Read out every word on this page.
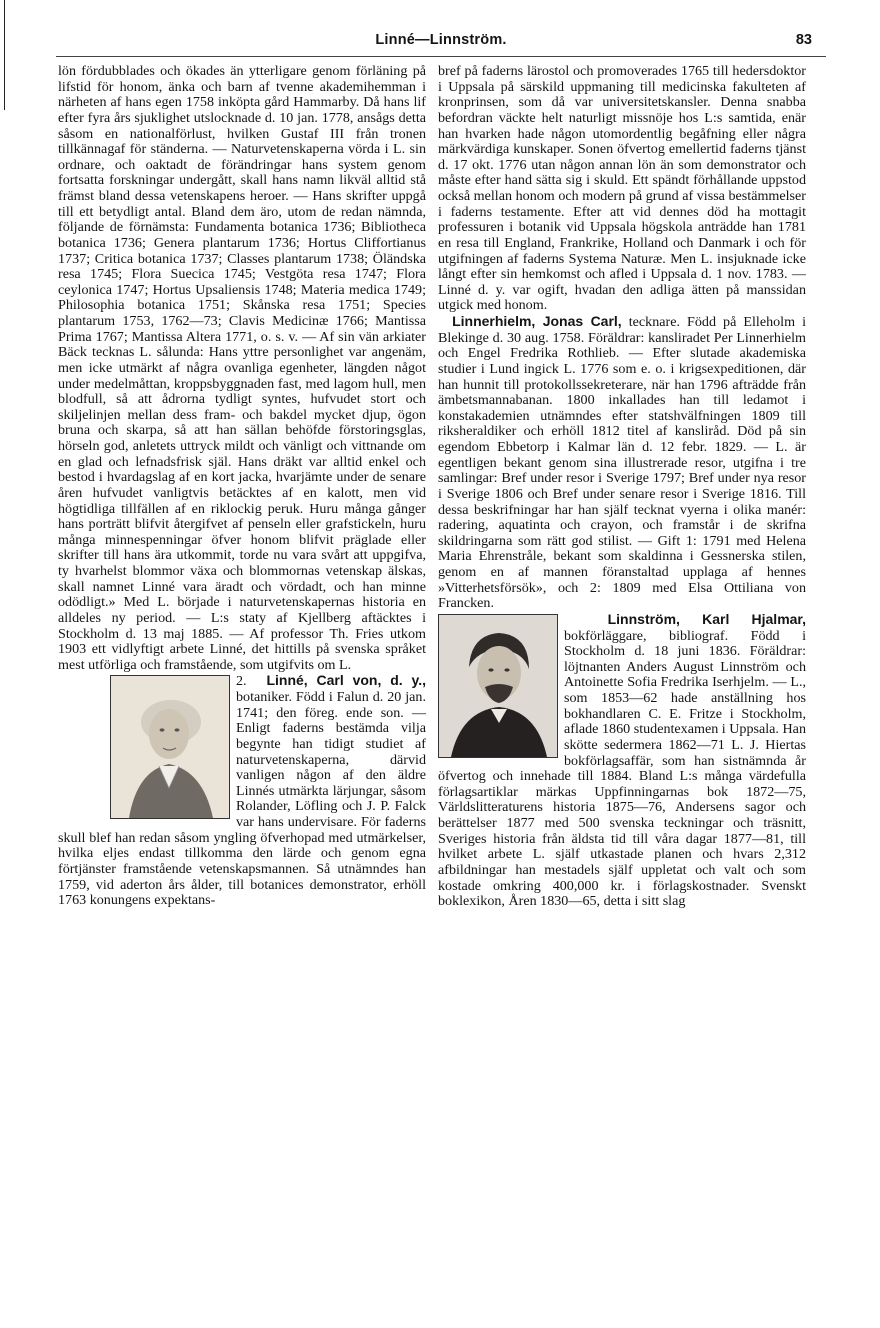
Linné—Linnström.	83

lön fördubblades och ökades än ytterligare genom förläning på lifstid för honom, änka och barn af tvenne akademihemman i närheten af hans egen 1758 inköpta gård Hammarby. Då hans lif efter fyra års sjuklighet utslocknade d. 10 jan. 1778, ansågs detta såsom en nationalförlust, hvilken Gustaf III från tronen tillkännagaf för ständerna. — Naturvetenskaperna vörda i L. sin ordnare, och oaktadt de förändringar hans system genom fortsatta forskningar undergått, skall hans namn likväl alltid stå främst bland dessa vetenskapens heroer. — Hans skrifter uppgå till ett betydligt antal. Bland dem äro, utom de redan nämnda, följande de förnämsta: Fundamenta botanica 1736; Bibliotheca botanica 1736; Genera plantarum 1736; Hortus Cliffortianus 1737; Critica botanica 1737; Classes plantarum 1738; Öländska resa 1745; Flora Suecica 1745; Vestgöta resa 1747; Flora ceylonica 1747; Hortus Upsaliensis 1748; Materia medica 1749; Philosophia botanica 1751; Skånska resa 1751; Species plantarum 1753, 1762—73; Clavis Medicinæ 1766; Mantissa Prima 1767; Mantissa Altera 1771, o. s. v. — Af sin vän arkiater Bäck tecknas L. sålunda: Hans yttre personlighet var angenäm, men icke utmärkt af några ovanliga egenheter, längden något under medelmåttan, kroppsbyggnaden fast, med lagom hull, men blodfull, så att ådrorna tydligt syntes, hufvudet stort och skiljelinjen mellan dess fram- och bakdel mycket djup, ögon bruna och skarpa, så att han sällan behöfde förstoringsglas, hörseln god, anletets uttryck mildt och vänligt och vittnande om en glad och lefnadsfrisk själ. Hans dräkt var alltid enkel och bestod i hvardagslag af en kort jacka, hvarjämte under de senare åren hufvudet vanligtvis betäcktes af en kalott, men vid högtidliga tillfällen af en riklockig peruk. Huru många gånger hans porträtt blifvit återgifvet af penseln eller grafstickeln, huru många minnespenningar öfver honom blifvit präglade eller skrifter till hans ära utkommit, torde nu vara svårt att uppgifva, ty hvarhelst blommor växa och blommornas vetenskap älskas, skall namnet Linné vara äradt och vördadt, och han minne odödligt.» Med L. började i naturvetenskapernas historia en alldeles ny period. — L:s staty af Kjellberg aftäcktes i Stockholm d. 13 maj 1885. — Af professor Th. Fries utkom 1903 ett vidlyftigt arbete Linné, det hittills på svenska språket mest utförliga och framstående, som utgifvits om L.

2. Linné, Carl von, d. y.,
botaniker. Född i Falun d. 20 jan. 1741; den föreg. ende son. — Enligt faderns bestämda vilja begynte han tidigt studiet af naturvetenskaperna, därvid vanligen någon af den äldre Linnés utmärkta lärjungar, såsom Rolander, Löfling och J. P. Falck var hans undervisare. För faderns skull blef han redan såsom yngling öfverhopad med utmärkelser, hvilka eljes endast tillkomma den lärde och genom egna förtjänster framstående vetenskapsmannen. Så utnämndes han 1759, vid aderton års ålder, till botanices demonstrator, erhöll 1763 konungens expektans-

bref på faderns lärostol och promoverades 1765 till hedersdoktor i Uppsala på särskild uppmaning till medicinska fakulteten af kronprinsen, som då var universitetskansler. Denna snabba befordran väckte helt naturligt missnöje hos L:s samtida, enär han hvarken hade någon utomordentlig begåfning eller några märkvärdiga kunskaper. Sonen öfvertog emellertid faderns tjänst d. 17 okt. 1776 utan någon annan lön än som demonstrator och måste efter hand sätta sig i skuld. Ett spändt förhållande uppstod också mellan honom och modern på grund af vissa bestämmelser i faderns testamente. Efter att vid dennes död ha mottagit professuren i botanik vid Uppsala högskola anträdde han 1781 en resa till England, Frankrike, Holland och Danmark i och för utgifningen af faderns Systema Naturæ. Men L. insjuknade icke långt efter sin hemkomst och afled i Uppsala d. 1 nov. 1783. — Linné d. y. var ogift, hvadan den adliga ätten på manssidan utgick med honom.

Linnerhielm, Jonas Carl, tecknare. Född på Elleholm i Blekinge d. 30 aug. 1758. Föräldrar: kansliradet Per Linnerhielm och Engel Fredrika Rothlieb. — Efter slutade akademiska studier i Lund ingick L. 1776 som e. o. i krigsexpeditionen, där han hunnit till protokollssekreterare, när han 1796 afträdde från ämbetsmannabanan. 1800 inkallades han till ledamot i konstakademien utnämndes efter statshvälfningen 1809 till riksheraldiker och erhöll 1812 titel af kansliråd. Död på sin egendom Ebbetorp i Kalmar län d. 12 febr. 1829. — L. är egentligen bekant genom sina illustrerade resor, utgifna i tre samlingar: Bref under resor i Sverige 1797; Bref under nya resor i Sverige 1806 och Bref under senare resor i Sverige 1816. Till dessa beskrifningar har han själf tecknat vyerna i olika manér: radering, aquatinta och crayon, och framstår i de skrifna skildringarna som rätt god stilist. — Gift 1: 1791 med Helena Maria Ehrenstråle, bekant som skaldinna i Gessnerska stilen, genom en af mannen föranstaltad upplaga af hennes »Vitterhetsförsök», och 2: 1809 med Elsa Ottiliana von Francken.

Linnström, Karl Hjalmar,
bokförläggare, bibliograf. Född i Stockholm d. 18 juni 1836. Föräldrar: löjtnanten Anders August Linnström och Antoinette Sofia Fredrika Iserhjelm. — L., som 1853—62 hade anställning hos bokhandlaren C. E. Fritze i Stockholm, aflade 1860 studentexamen i Uppsala. Han skötte sedermera 1862—71 L. J. Hiertas bokförlagsaffär, som han sistnämnda år öfvertog och innehade till 1884. Bland L:s många värdefulla förlagsartiklar märkas Uppfinningarnas bok 1872—75, Världslitteraturens historia 1875—76, Andersens sagor och berättelser 1877 med 500 svenska teckningar och träsnitt, Sveriges historia från äldsta tid till våra dagar 1877—81, till hvilket arbete L. själf utkastade planen och hvars 2,312 afbildningar han mestadels själf uppletat och valt och som kostade omkring 400,000 kr. i förlagskostnader. Svenskt boklexikon, Åren 1830—65, detta i sitt slag
